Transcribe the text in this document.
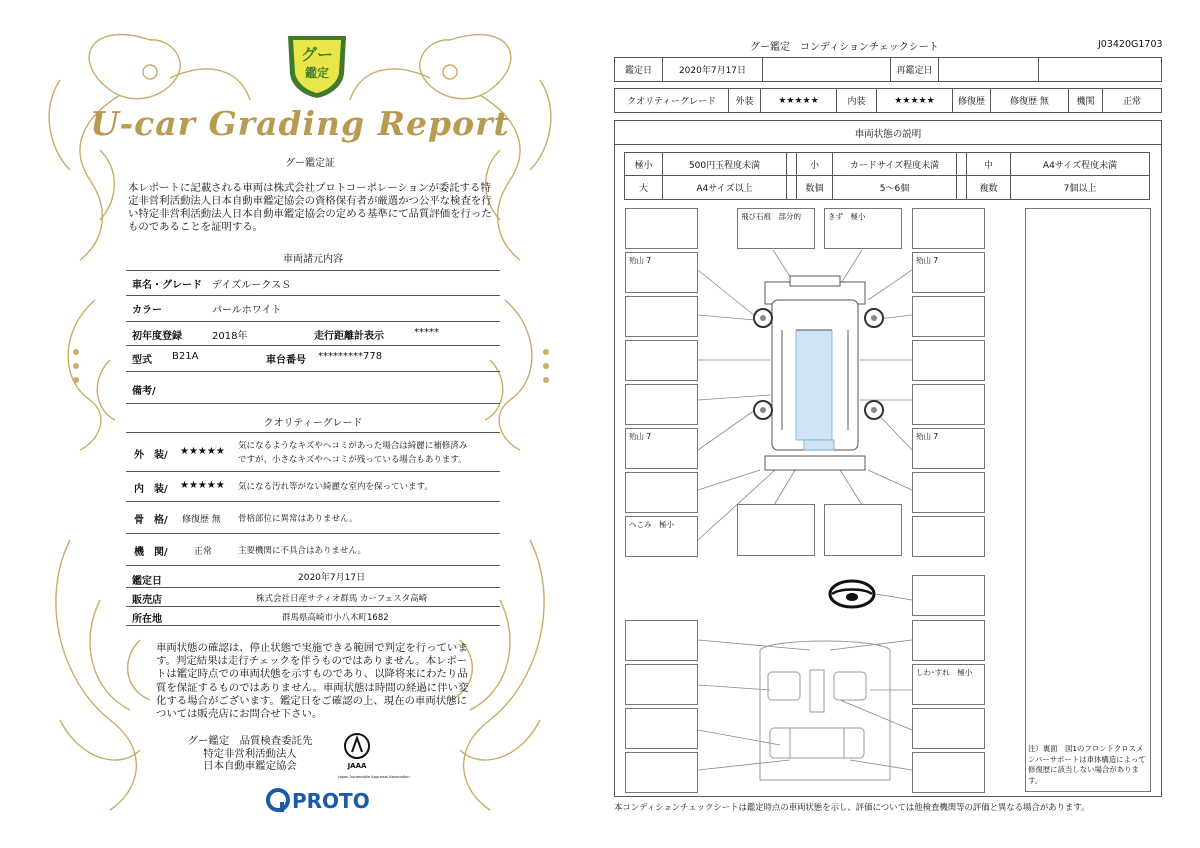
グー
鑑定
U-car Grading Report
グー鑑定証
本レポートに記載される車両は株式会社プロトコーポレーションが委託する特定非営利活動法人日本自動車鑑定協会の資格保有者が厳選かつ公平な検査を行い特定非営利活動法人日本自動車鑑定協会の定める基準にて品質評価を行ったものであることを証明する。
車両諸元内容
車名・グレード デイズルークスＳ
カラー	パールホワイト
初年度登録	2018年	走行距離計表示	*****
型式 B21A	車台番号 *********778
備考/
クオリティーグレード
外　装/ ★★★★★ 気になるようなキズやヘコミがあった場合は綺麗に補修済み
ですが、小さなキズやヘコミが残っている場合もあります。
内　装/ ★★★★★ 気になる汚れ等がない綺麗な室内を保っています。
骨　格/ 修復歴 無 骨格部位に異常はありません。
機　関/	正常	主要機関に不具合はありません。
鑑定日	2020年7月17日
販売店	株式会社日産サティオ群馬 カーフェスタ高崎
所在地	群馬県高崎市小八木町1682
車両状態の確認は、停止状態で実施できる範囲で判定を行っています。判定結果は走行チェックを伴うものではありません。本レポートは鑑定時点での車両状態を示すものであり、以降将来にわたり品質を保証するものではありません。車両状態は時間の経過に伴い変化する場合がございます。鑑定日をご確認の上、現在の車両状態については販売店にお問合せ下さい。
グー鑑定　品質検査委託先
特定非営利活動法人
日本自動車鑑定協会	JAAA
Japan Automobile Appraisal Association
PROTO
グー鑑定　コンディションチェックシート	J03420G1703
鑑定日	2020年7月17日	再鑑定日
クオリティーグレード	外装	★★★★★	内装	★★★★★	修復歴	修復歴 無	機関	正常
車両状態の説明
極小	500円玉程度未満	小	カードサイズ程度未満	中	A4サイズ程度未満
大	A4サイズ以上	数個	5～6個	複数	7個以上
飛び石痕　部分的	きず　極小
殆山 7	殆山 7
殆山 7	殆山 7
へこみ　極小
しわ･すれ　極小
注）裏面　図1のフロントクロスメンバーサポートは車体構造によって修復歴に該当しない場合があります。
本コンディションチェックシートは鑑定時点の車両状態を示し、評価については他検査機関等の評価と異なる場合があります。
